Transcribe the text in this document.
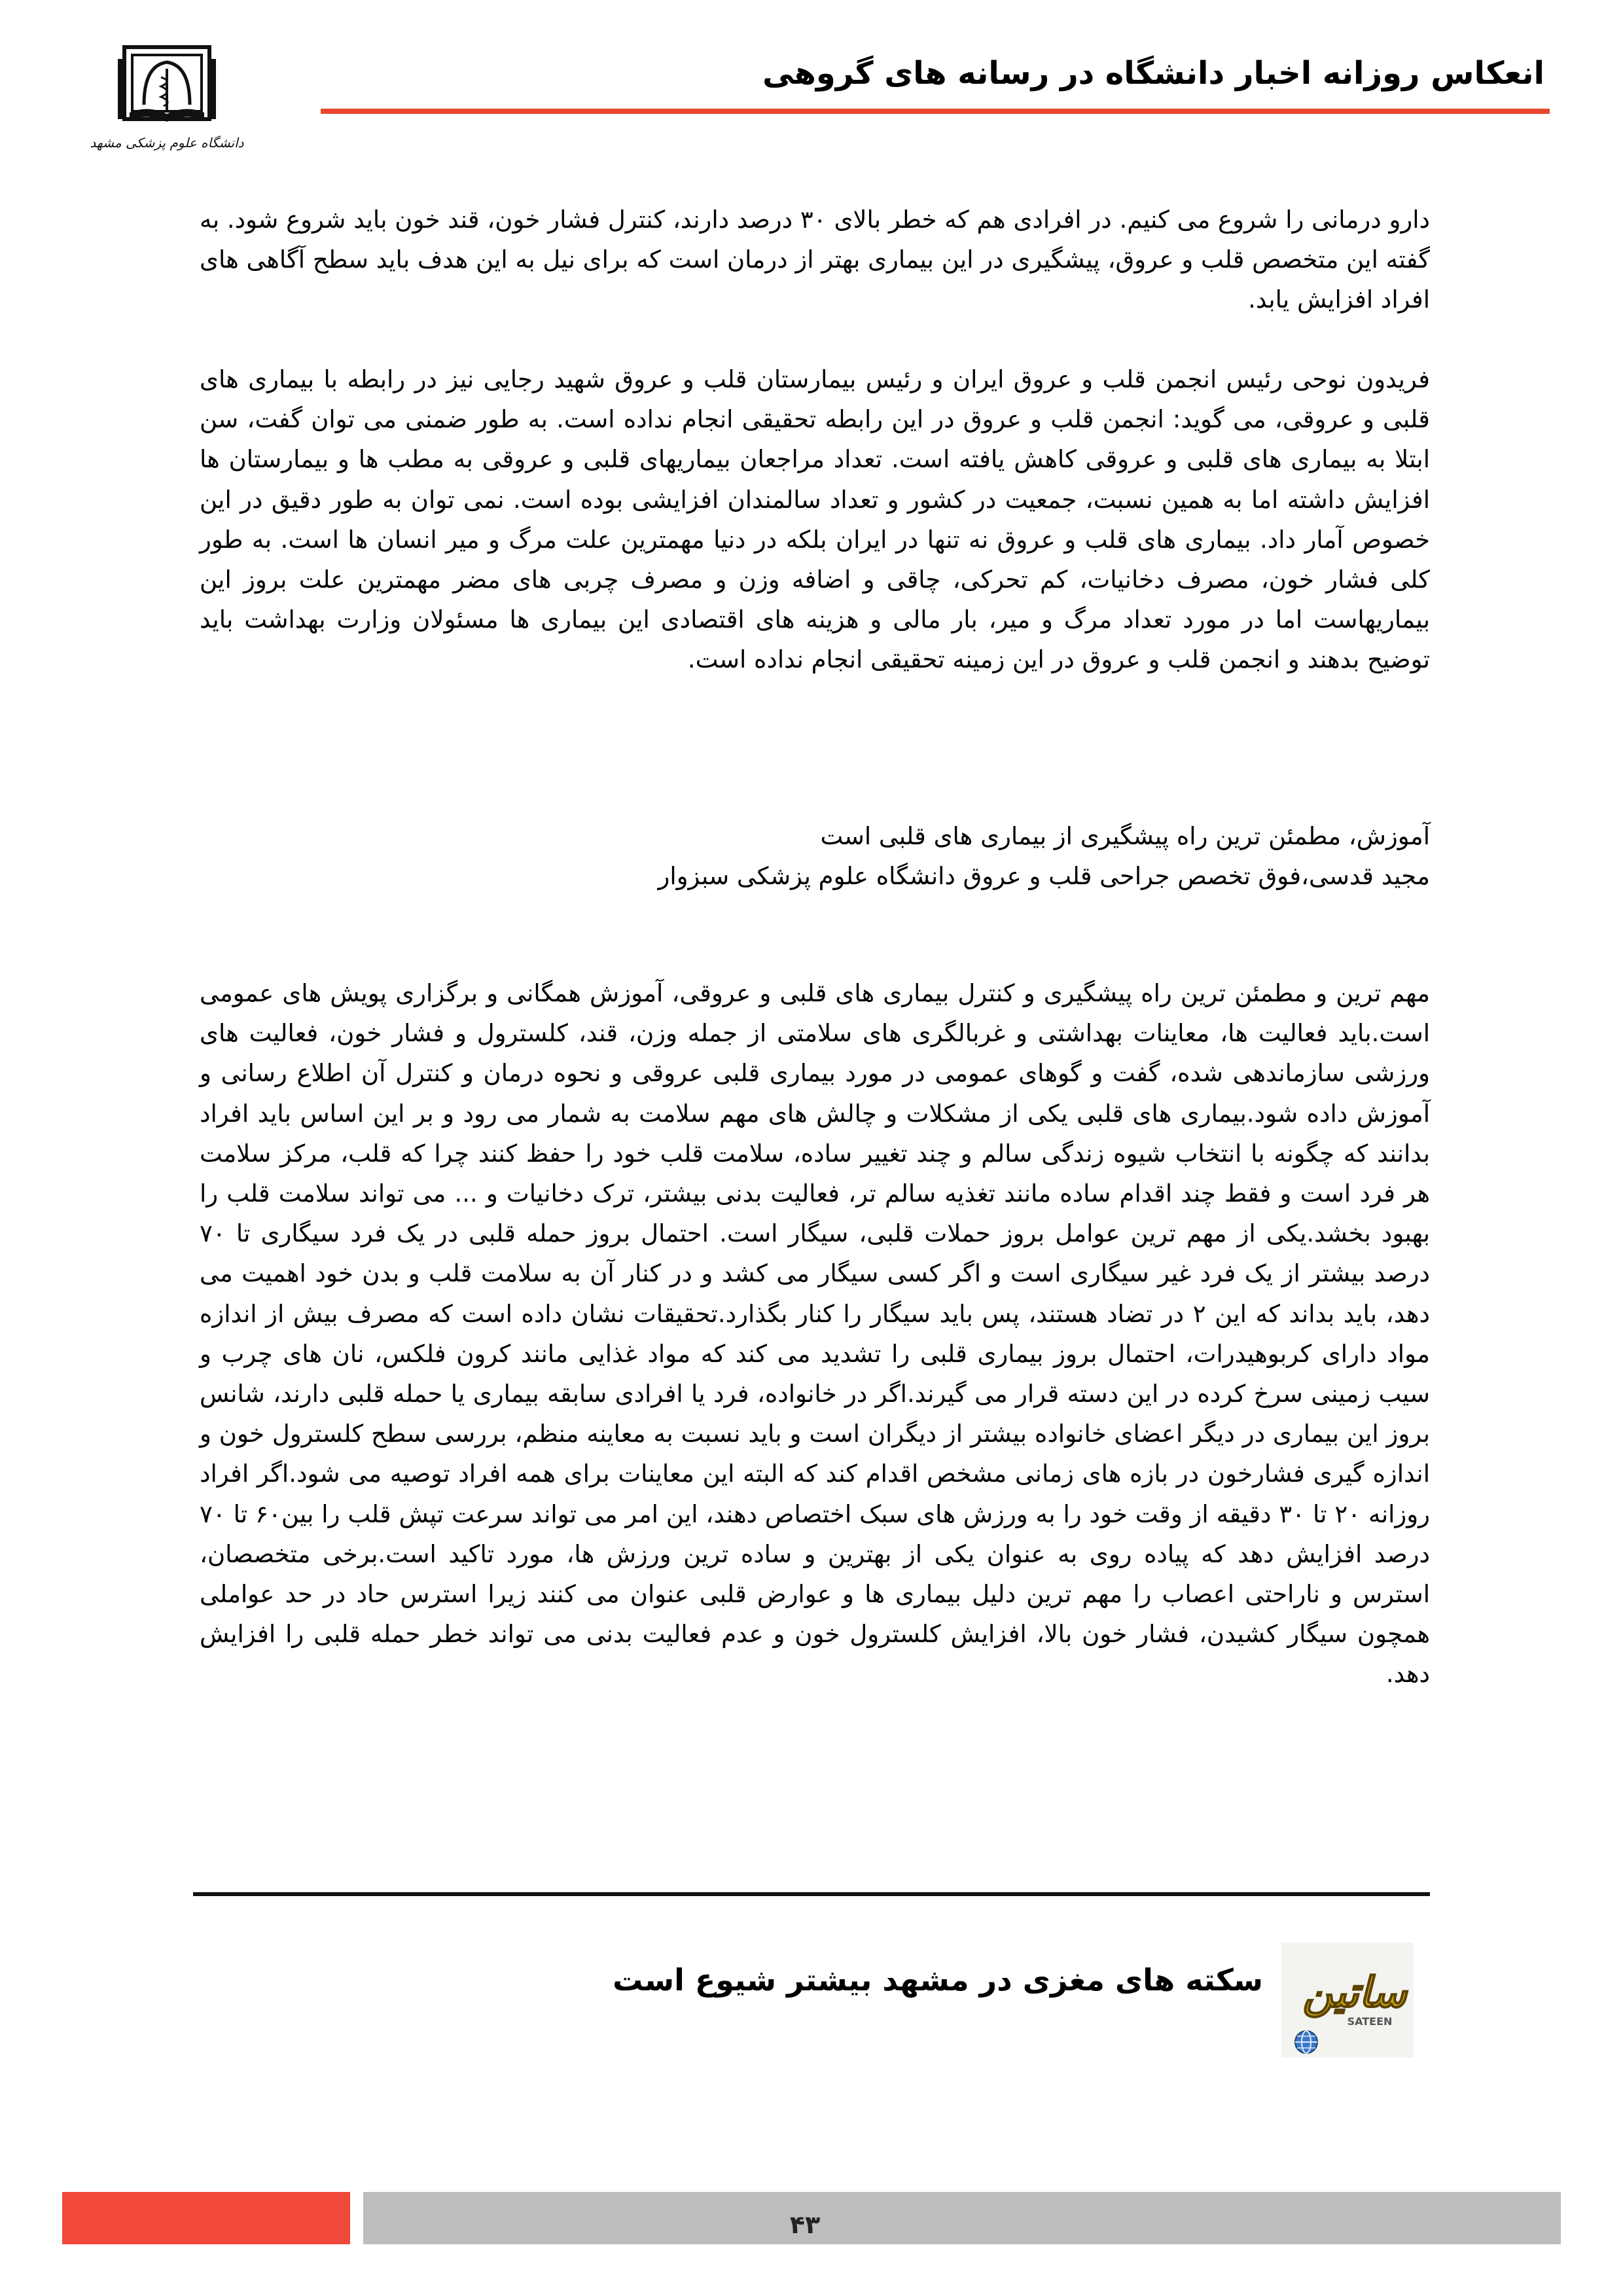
انعکاس روزانه اخبار دانشگاه در رسانه های گروهی
دانشگاه علوم پزشکی مشهد
دارو درمانی را شروع می کنیم. در افرادی هم که خطر بالای ۳۰ درصد دارند، کنترل فشار خون، قند خون باید شروع شود. به گفته این متخصص قلب و عروق، پیشگیری در این بیماری بهتر از درمان است که برای نیل به این هدف باید سطح آگاهی های افراد افزایش یابد.
فریدون نوحی رئیس انجمن قلب و عروق ایران و رئیس بیمارستان قلب و عروق شهید رجایی نیز در رابطه با بیماری های قلبی و عروقی، می گوید: انجمن قلب و عروق در این رابطه تحقیقی انجام نداده است. به طور ضمنی می توان گفت، سن ابتلا به بیماری های قلبی و عروقی کاهش یافته است. تعداد مراجعان بیماریهای قلبی و عروقی به مطب ها و بیمارستان ها افزایش داشته اما به همین نسبت، جمعیت در کشور و تعداد سالمندان افزایشی بوده است. نمی توان به طور دقیق در این خصوص آمار داد. بیماری های قلب و عروق نه تنها در ایران بلکه در دنیا مهمترین علت مرگ و میر انسان ها است. به طور کلی فشار خون، مصرف دخانیات، کم تحرکی، چاقی و اضافه وزن و مصرف چربی های مضر مهمترین علت بروز این بیماریهاست اما در مورد تعداد مرگ و میر، بار مالی و هزینه های اقتصادی این بیماری ها مسئولان وزارت بهداشت باید توضیح بدهند و انجمن قلب و عروق در این زمینه تحقیقی انجام نداده است.
آموزش، مطمئن ترین راه پیشگیری از بیماری های قلبی است
مجید قدسی،فوق تخصص جراحی قلب و عروق دانشگاه علوم پزشکی سبزوار
مهم ترین و مطمئن ترین راه پیشگیری و کنترل بیماری های قلبی و عروقی، آموزش همگانی و برگزاری پویش های عمومی است.باید فعالیت ها، معاینات بهداشتی و غربالگری های سلامتی از جمله وزن، قند، کلسترول و فشار خون، فعالیت های ورزشی سازماندهی شده، گفت و گوهای عمومی در مورد بیماری قلبی عروقی و نحوه درمان و کنترل آن اطلاع رسانی و آموزش داده شود.بیماری های قلبی یکی از مشکلات و چالش های مهم سلامت به شمار می رود و بر این اساس باید افراد بدانند که چگونه با انتخاب شیوه زندگی سالم و چند تغییر ساده، سلامت قلب خود را حفظ کنند چرا که قلب، مرکز سلامت هر فرد است و فقط چند اقدام ساده مانند تغذیه سالم تر، فعالیت بدنی بیشتر، ترک دخانیات و ... می تواند سلامت قلب را بهبود بخشد.یکی از مهم ترین عوامل بروز حملات قلبی، سیگار است. احتمال بروز حمله قلبی در یک فرد سیگاری تا ۷۰ درصد بیشتر از یک فرد غیر سیگاری است و اگر کسی سیگار می کشد و در کنار آن به سلامت قلب و بدن خود اهمیت می دهد، باید بداند که این ۲ در تضاد هستند، پس باید سیگار را کنار بگذارد.تحقیقات نشان داده است که مصرف بیش از اندازه مواد دارای کربوهیدرات، احتمال بروز بیماری قلبی را تشدید می کند که مواد غذایی مانند کرون فلکس، نان های چرب و سیب زمینی سرخ کرده در این دسته قرار می گیرند.اگر در خانواده، فرد یا افرادی سابقه بیماری یا حمله قلبی دارند، شانس بروز این بیماری در دیگر اعضای خانواده بیشتر از دیگران است و باید نسبت به معاینه منظم، بررسی سطح کلسترول خون و اندازه گیری فشارخون در بازه های زمانی مشخص اقدام کند که البته این معاینات برای همه افراد توصیه می شود.اگر افراد روزانه ۲۰ تا ۳۰ دقیقه از وقت خود را به ورزش های سبک اختصاص دهند، این امر می تواند سرعت تپش قلب را بین۶۰ تا ۷۰ درصد افزایش دهد که پیاده روی به عنوان یکی از بهترین و ساده ترین ورزش ها، مورد تاکید است.برخی متخصصان، استرس و ناراحتی اعصاب را مهم ترین دلیل بیماری ها و عوارض قلبی عنوان می کنند زیرا استرس حاد در حد عواملی همچون سیگار کشیدن، فشار خون بالا، افزایش کلسترول خون و عدم فعالیت بدنی می تواند خطر حمله قلبی را افزایش دهد.
سکته های مغزی در مشهد بیشتر شیوع است ساتین
SATEEN
۴۳
